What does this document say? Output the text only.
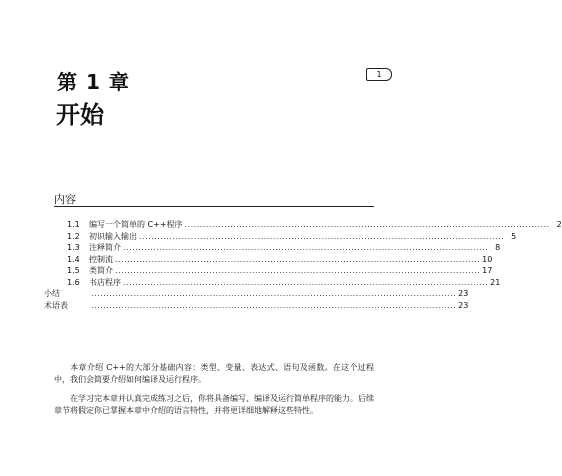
第 1 章
开始
1
内容
1.1	编写一个简单的 C++程序 ........................................................................................................................ 2
1.2	初识输入输出 ........................................................................................................................ 5
1.3	注释简介 ........................................................................................................................ 8
1.4	控制流 ........................................................................................................................ 10
1.5	类简介 ........................................................................................................................ 17
1.6	书店程序 ........................................................................................................................ 21
小结	........................................................................................................................ 23
术语表	........................................................................................................................ 23
本章介绍 C++的大部分基础内容：类型、变量、表达式、语句及函数。在这个过程中，我们会简要介绍如何编译及运行程序。
在学习完本章并认真完成练习之后，你将具备编写、编译及运行简单程序的能力。后续章节将假定你已掌握本章中介绍的语言特性，并将更详细地解释这些特性。
